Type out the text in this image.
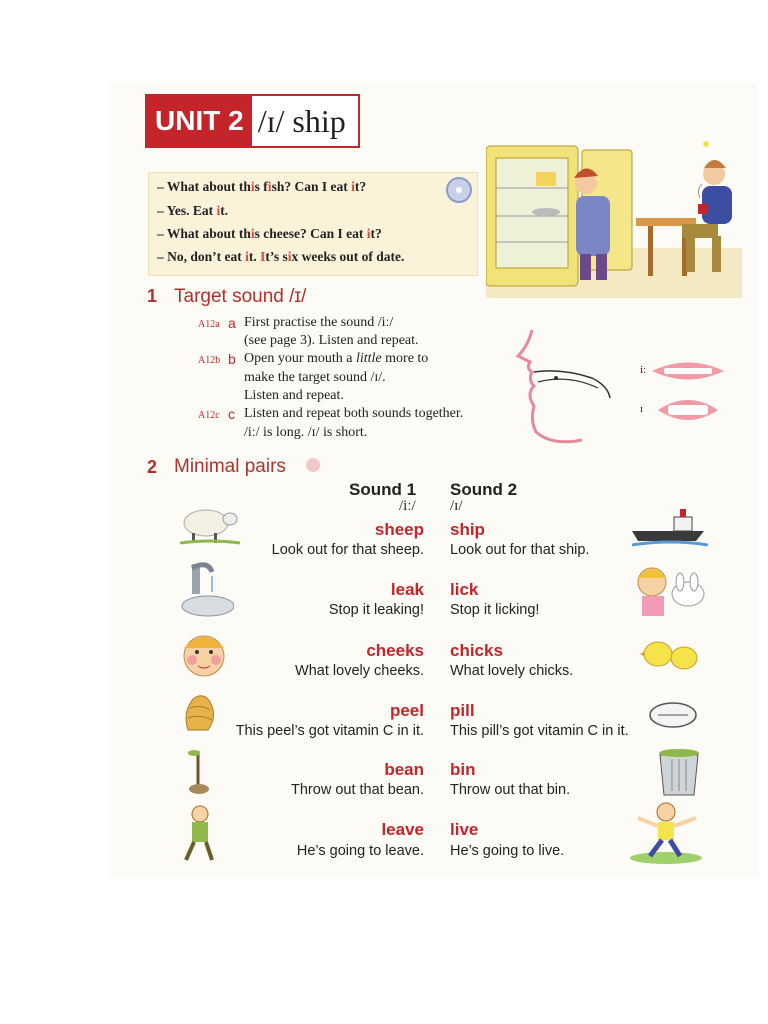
UNIT 2 /ɪ/ ship
– What about this fish? Can I eat it?
– Yes. Eat it.
– What about this cheese? Can I eat it?
– No, don’t eat it. It’s six weeks out of date.
1 Target sound /ɪ/
A12a a First practise the sound /iː/
(see page 3). Listen and repeat.
A12b b Open your mouth a little more to
make the target sound /ɪ/.
Listen and repeat.
A12c c Listen and repeat both sounds together.
/iː/ is long. /ɪ/ is short.
iː
ɪ
2 Minimal pairs
Sound 1 Sound 2
/iː/ /ɪ/
sheep
Look out for that sheep.
ship
Look out for that ship.
leak
Stop it leaking!
lick
Stop it licking!
cheeks
What lovely cheeks.
chicks
What lovely chicks.
peel
This peel’s got vitamin C in it.
pill
This pill’s got vitamin C in it.
bean
Throw out that bean.
bin
Throw out that bin.
leave
He’s going to leave.
live
He’s going to live.
